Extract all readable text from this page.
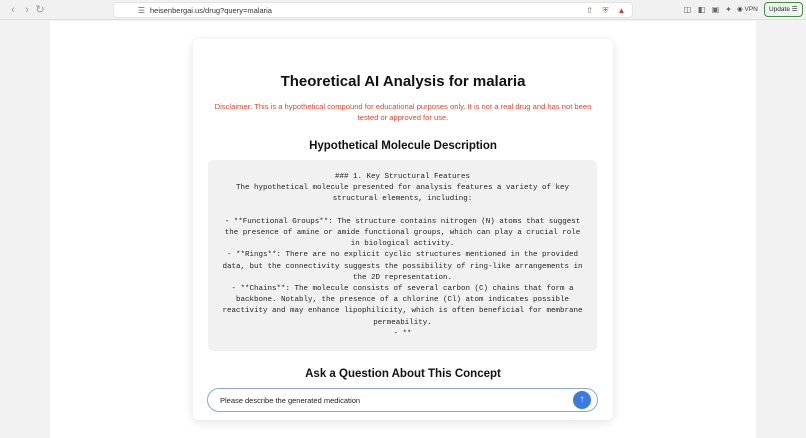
‹ › ↻	☰ heisenbergai.us/drug?query=malaria	⇧	⛨	▲	◫ ◧ ▣ ✦ ◉ VPN	Update ☰
Theoretical AI Analysis for malaria

Disclaimer: This is a hypothetical compound for educational purposes only. It is not a real drug and has not been tested or approved for use.

Hypothetical Molecule Description
### 1. Key Structural Features
The hypothetical molecule presented for analysis features a variety of key structural elements, including:

- **Functional Groups**: The structure contains nitrogen (N) atoms that suggest the presence of amine or amide functional groups, which can play a crucial role in biological activity.
- **Rings**: There are no explicit cyclic structures mentioned in the provided data, but the connectivity suggests the possibility of ring-like arrangements in the 2D representation.
- **Chains**: The molecule consists of several carbon (C) chains that form a backbone. Notably, the presence of a chlorine (Cl) atom indicates possible reactivity and may enhance lipophilicity, which is often beneficial for membrane permeability.
- **
Ask a Question About This Concept
Please describe the generated medication
↑
